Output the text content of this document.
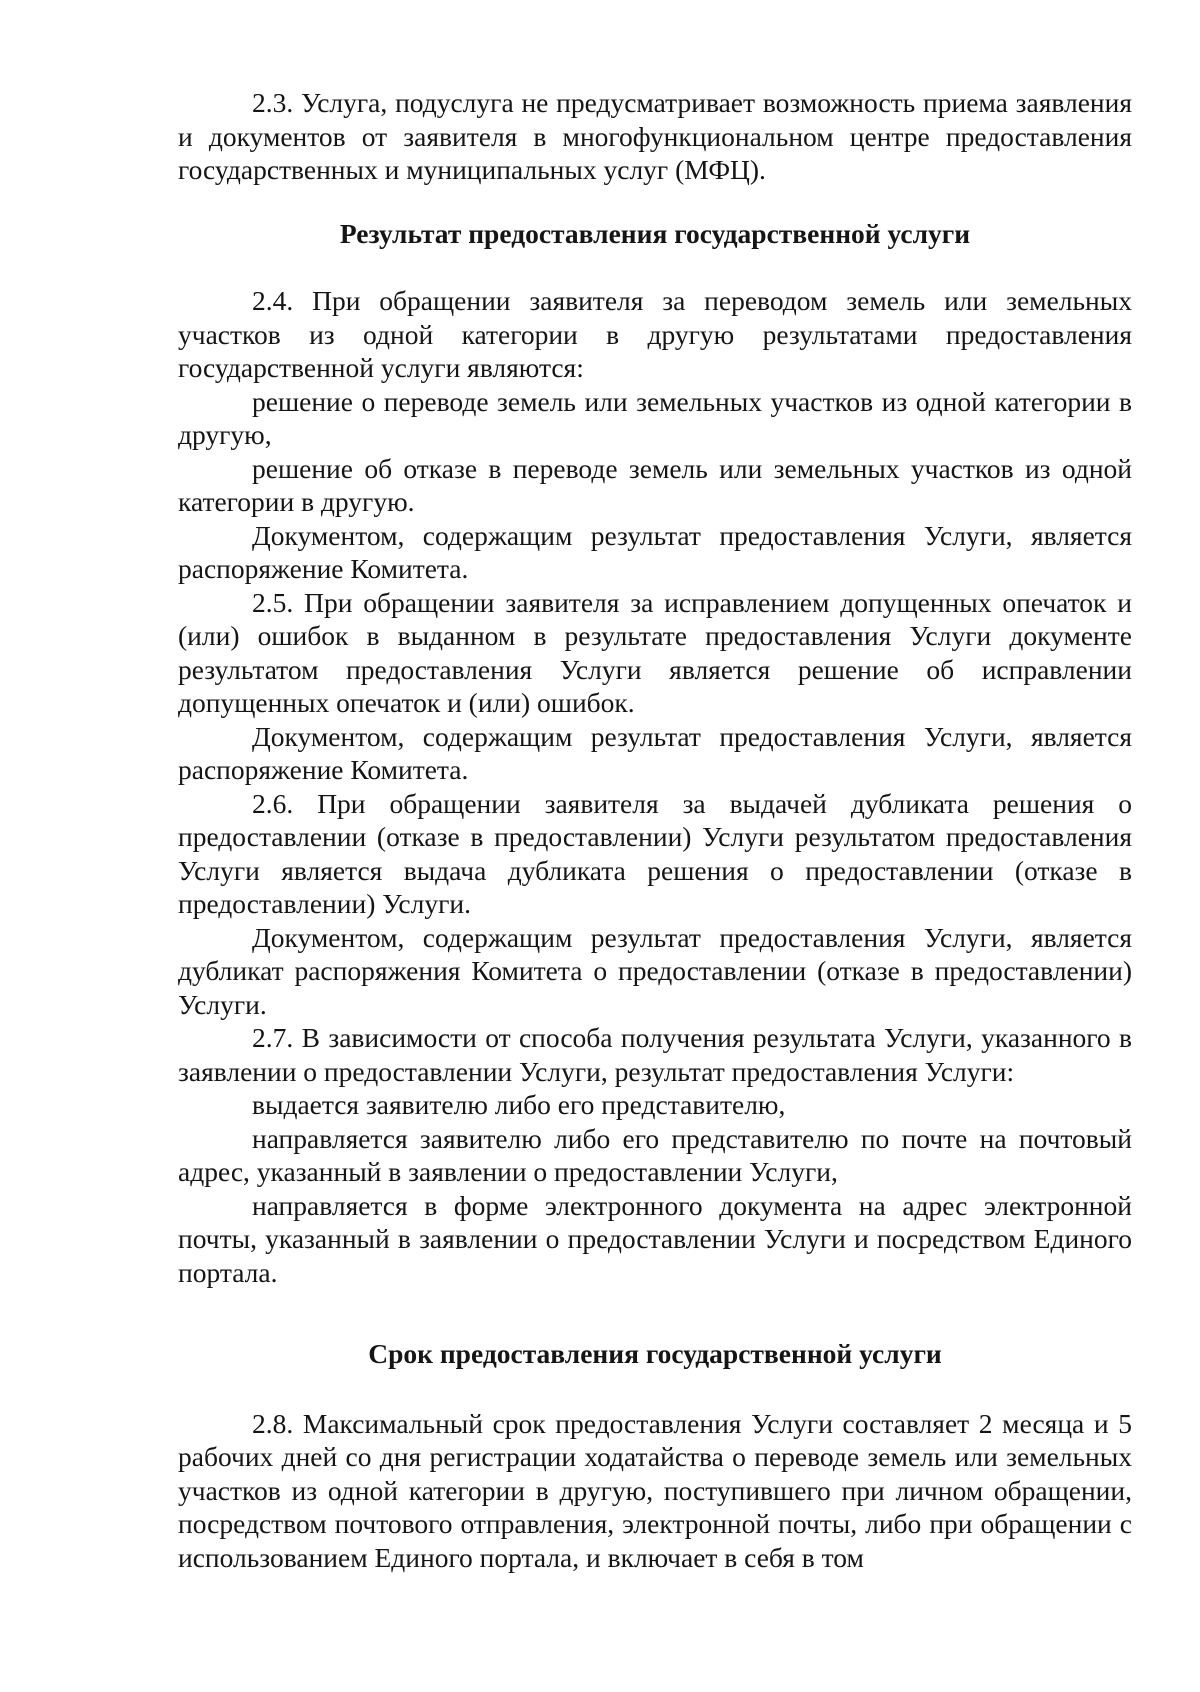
2.3. Услуга, подуслуга не предусматривает возможность приема заявления и документов от заявителя в многофункциональном центре предоставления государственных и муниципальных услуг (МФЦ).

Результат предоставления государственной услуги

2.4. При обращении заявителя за переводом земель или земельных участков из одной категории в другую результатами предоставления государственной услуги являются:

решение о переводе земель или земельных участков из одной категории в другую,

решение об отказе в переводе земель или земельных участков из одной категории в другую.

Документом, содержащим результат предоставления Услуги, является распоряжение Комитета.

2.5. При обращении заявителя за исправлением допущенных опечаток и (или) ошибок в выданном в результате предоставления Услуги документе результатом предоставления Услуги является решение об исправлении допущенных опечаток и (или) ошибок.

Документом, содержащим результат предоставления Услуги, является распоряжение Комитета.

2.6. При обращении заявителя за выдачей дубликата решения о предоставлении (отказе в предоставлении) Услуги результатом предоставления Услуги является выдача дубликата решения о предоставлении (отказе в предоставлении) Услуги.

Документом, содержащим результат предоставления Услуги, является дубликат распоряжения Комитета о предоставлении (отказе в предоставлении) Услуги.

2.7. В зависимости от способа получения результата Услуги, указанного в заявлении о предоставлении Услуги, результат предоставления Услуги:

выдается заявителю либо его представителю,

направляется заявителю либо его представителю по почте на почтовый адрес, указанный в заявлении о предоставлении Услуги,

направляется в форме электронного документа на адрес электронной почты, указанный в заявлении о предоставлении Услуги и посредством Единого портала.

Срок предоставления государственной услуги

2.8. Максимальный срок предоставления Услуги составляет 2 месяца и 5 рабочих дней со дня регистрации ходатайства о переводе земель или земельных участков из одной категории в другую, поступившего при личном обращении, посредством почтового отправления, электронной почты, либо при обращении с использованием Единого портала, и включает в себя в том
